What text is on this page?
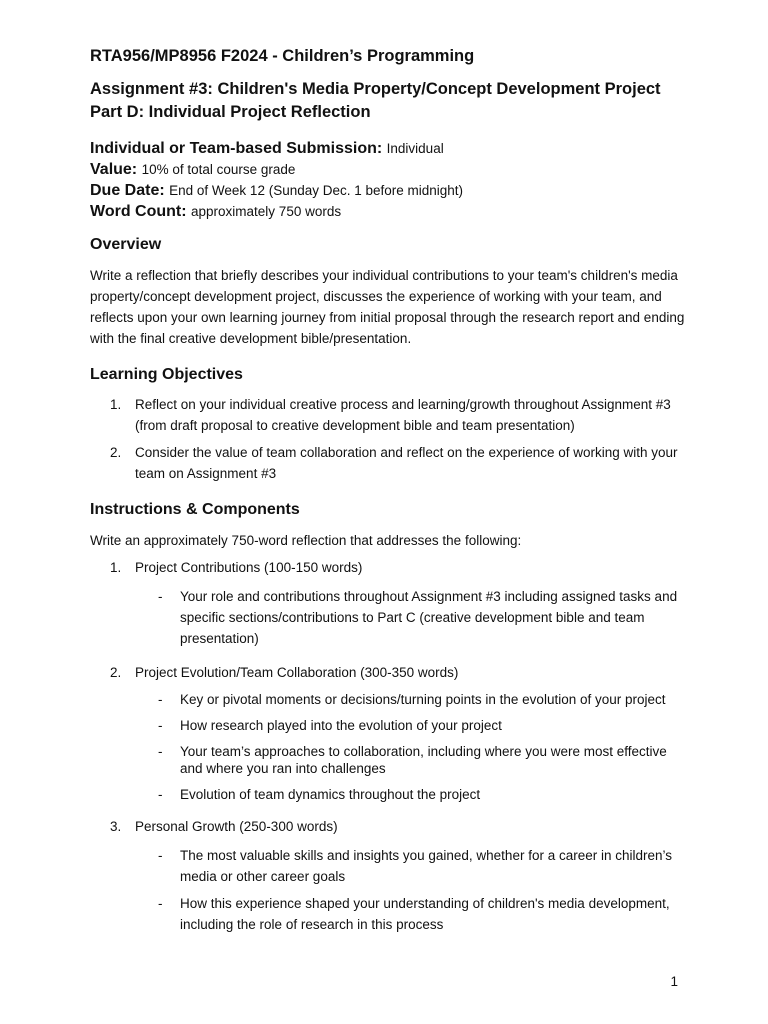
RTA956/MP8956 F2024 - Children’s Programming

Assignment #3: Children's Media Property/Concept Development Project

Part D: Individual Project Reflection

Individual or Team-based Submission: Individual
Value: 10% of total course grade
Due Date: End of Week 12 (Sunday Dec. 1 before midnight)
Word Count: approximately 750 words
Overview

Write a reflection that briefly describes your individual contributions to your team's children's media property/concept development project, discusses the experience of working with your team, and reflects upon your own learning journey from initial proposal through the research report and ending with the final creative development bible/presentation.

Learning Objectives
1. Reflect on your individual creative process and learning/growth throughout Assignment #3 (from draft proposal to creative development bible and team presentation)
2. Consider the value of team collaboration and reflect on the experience of working with your team on Assignment #3
Instructions & Components

Write an approximately 750-word reflection that addresses the following:

1. Project Contributions (100-150 words)
- Your role and contributions throughout Assignment #3 including assigned tasks and specific sections/contributions to Part C (creative development bible and team presentation)
2. Project Evolution/Team Collaboration (300-350 words)
- Key or pivotal moments or decisions/turning points in the evolution of your project
- How research played into the evolution of your project
- Your team’s approaches to collaboration, including where you were most effective and where you ran into challenges
- Evolution of team dynamics throughout the project
3. Personal Growth (250-300 words)
- The most valuable skills and insights you gained, whether for a career in children’s media or other career goals
- How this experience shaped your understanding of children's media development, including the role of research in this process
1
